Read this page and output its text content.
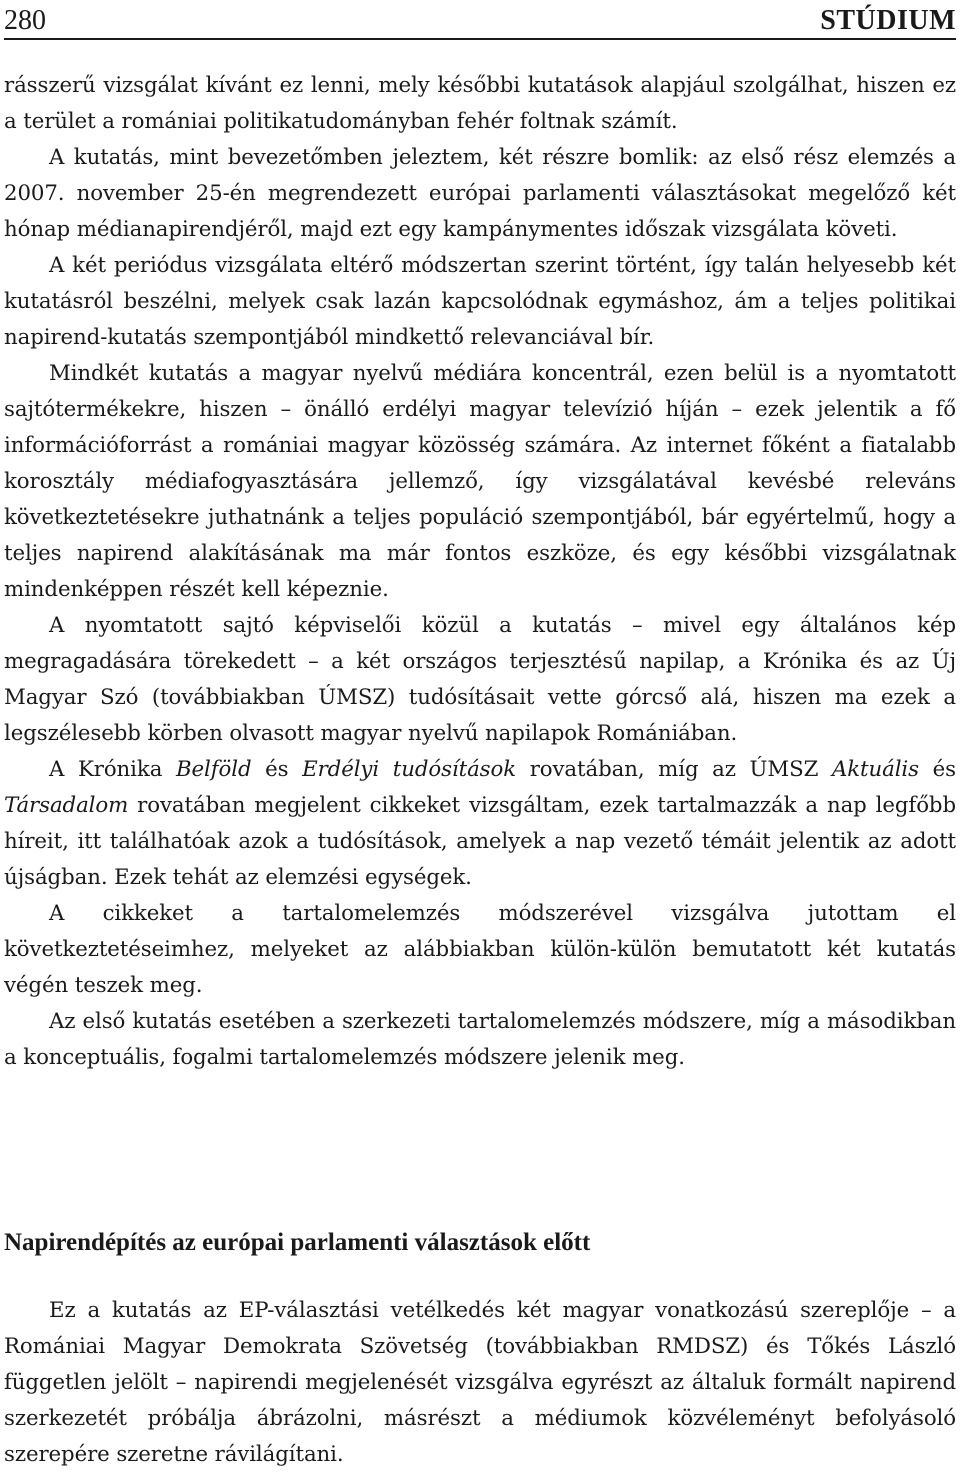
280	STÚDIUM

rásszerű vizsgálat kívánt ez lenni, mely későbbi kutatások alapjául szolgálhat, hiszen ez a terület a romániai politikatudományban fehér foltnak számít.

A kutatás, mint bevezetőmben jeleztem, két részre bomlik: az első rész elemzés a 2007. november 25-én megrendezett európai parlamenti választásokat megelőző két hónap médianapirendjéről, majd ezt egy kampánymentes időszak vizsgálata követi.

A két periódus vizsgálata eltérő módszertan szerint történt, így talán helyesebb két kutatásról beszélni, melyek csak lazán kapcsolódnak egymáshoz, ám a teljes politikai napirend-kutatás szempontjából mindkettő relevanciával bír.

Mindkét kutatás a magyar nyelvű médiára koncentrál, ezen belül is a nyomtatott sajtótermékekre, hiszen – önálló erdélyi magyar televízió híján – ezek jelentik a fő információforrást a romániai magyar közösség számára. Az internet főként a fiatalabb korosztály médiafogyasztására jellemző, így vizsgálatával kevésbé releváns következtetésekre juthatnánk a teljes populáció szempontjából, bár egyértelmű, hogy a teljes napirend alakításának ma már fontos eszköze, és egy későbbi vizsgálatnak mindenképpen részét kell képeznie.

A nyomtatott sajtó képviselői közül a kutatás – mivel egy általános kép megragadására törekedett – a két országos terjesztésű napilap, a Krónika és az Új Magyar Szó (továbbiakban ÚMSZ) tudósításait vette górcső alá, hiszen ma ezek a legszélesebb körben olvasott magyar nyelvű napilapok Romániában.

A Krónika Belföld és Erdélyi tudósítások rovatában, míg az ÚMSZ Aktuális és Társadalom rovatában megjelent cikkeket vizsgáltam, ezek tartalmazzák a nap legfőbb híreit, itt találhatóak azok a tudósítások, amelyek a nap vezető témáit jelentik az adott újságban. Ezek tehát az elemzési egységek.

A cikkeket a tartalomelemzés módszerével vizsgálva jutottam el következtetéseimhez, melyeket az alábbiakban külön-külön bemutatott két kutatás végén teszek meg.

Az első kutatás esetében a szerkezeti tartalomelemzés módszere, míg a másodikban a konceptuális, fogalmi tartalomelemzés módszere jelenik meg.

Napirendépítés az európai parlamenti választások előtt

Ez a kutatás az EP-választási vetélkedés két magyar vonatkozású szereplője – a Romániai Magyar Demokrata Szövetség (továbbiakban RMDSZ) és Tőkés László független jelölt – napirendi megjelenését vizsgálva egyrészt az általuk formált napirend szerkezetét próbálja ábrázolni, másrészt a médiumok közvéleményt befolyásoló szerepére szeretne rávilágítani.
